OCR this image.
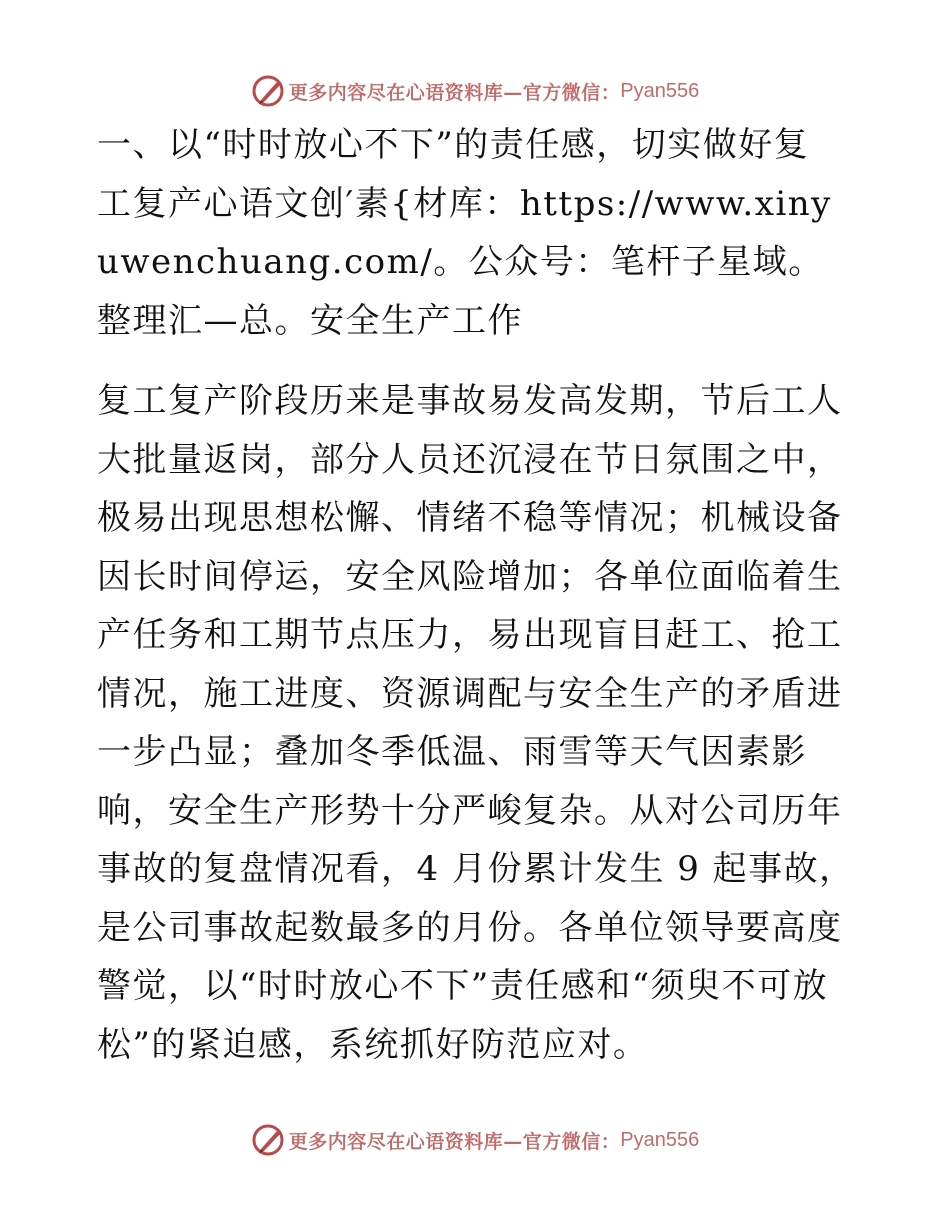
更多内容尽在心语资料库—官方微信： Pyan556

一、以“时时放心不下”的责任感，切实做好复工复产心语文创′素{材库：https://www.xinyuwenchuang.com/。公众号：笔杆子星域。整理汇—总。安全生产工作

复工复产阶段历来是事故易发高发期，节后工人大批量返岗，部分人员还沉浸在节日氛围之中，极易出现思想松懈、情绪不稳等情况；机械设备因长时间停运，安全风险增加；各单位面临着生产任务和工期节点压力，易出现盲目赶工、抢工情况，施工进度、资源调配与安全生产的矛盾进一步凸显；叠加冬季低温、雨雪等天气因素影响，安全生产形势十分严峻复杂。从对公司历年事故的复盘情况看，4 月份累计发生 9 起事故，是公司事故起数最多的月份。各单位领导要高度警觉，以“时时放心不下”责任感和“须臾不可放松”的紧迫感，系统抓好防范应对。

更多内容尽在心语资料库—官方微信： Pyan556
